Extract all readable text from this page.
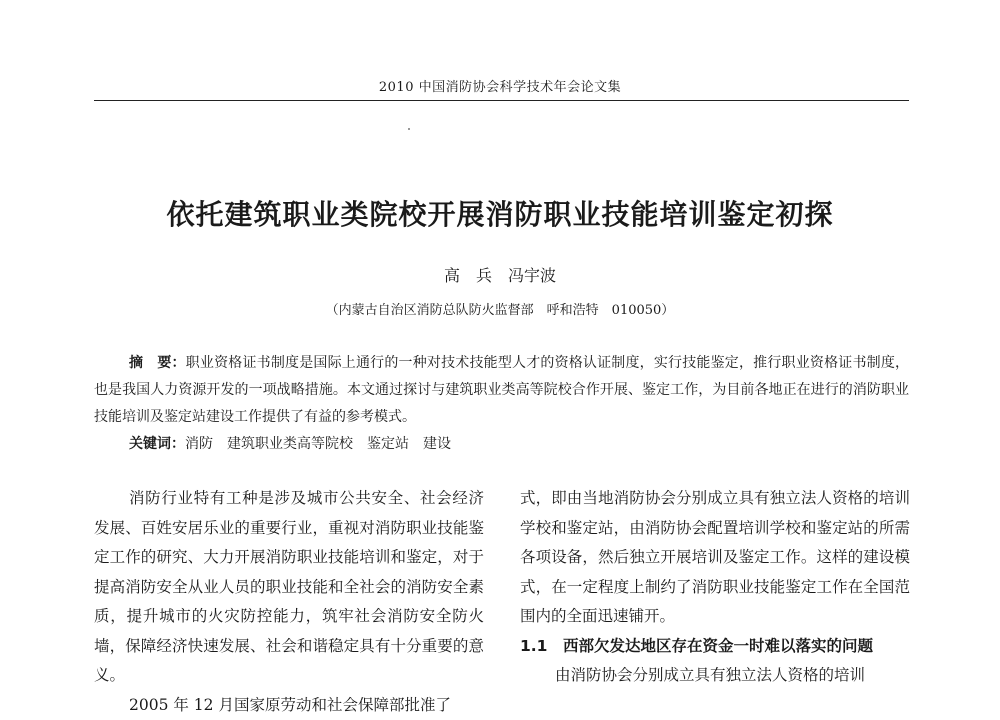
2010 中国消防协会科学技术年会论文集
依托建筑职业类院校开展消防职业技能培训鉴定初探
高　兵　冯宇波
（内蒙古自治区消防总队防火监督部　呼和浩特　010050）

摘　要：职业资格证书制度是国际上通行的一种对技术技能型人才的资格认证制度，实行技能鉴定，推行职业资格证书制度，也是我国人力资源开发的一项战略措施。本文通过探讨与建筑职业类高等院校合作开展、鉴定工作，为目前各地正在进行的消防职业技能培训及鉴定站建设工作提供了有益的参考模式。

关键词：消防　建筑职业类高等院校　鉴定站　建设

消防行业特有工种是涉及城市公共安全、社会经济发展、百姓安居乐业的重要行业，重视对消防职业技能鉴定工作的研究、大力开展消防职业技能培训和鉴定，对于提高消防安全从业人员的职业技能和全社会的消防安全素质，提升城市的火灾防控能力，筑牢社会消防安全防火墙，保障经济快速发展、社会和谐稳定具有十分重要的意义。

2005 年 12 月国家原劳动和社会保障部批准了

式，即由当地消防协会分别成立具有独立法人资格的培训学校和鉴定站，由消防协会配置培训学校和鉴定站的所需各项设备，然后独立开展培训及鉴定工作。这样的建设模式，在一定程度上制约了消防职业技能鉴定工作在全国范围内的全面迅速铺开。

1.1　西部欠发达地区存在资金一时难以落实的问题

由消防协会分别成立具有独立法人资格的培训
